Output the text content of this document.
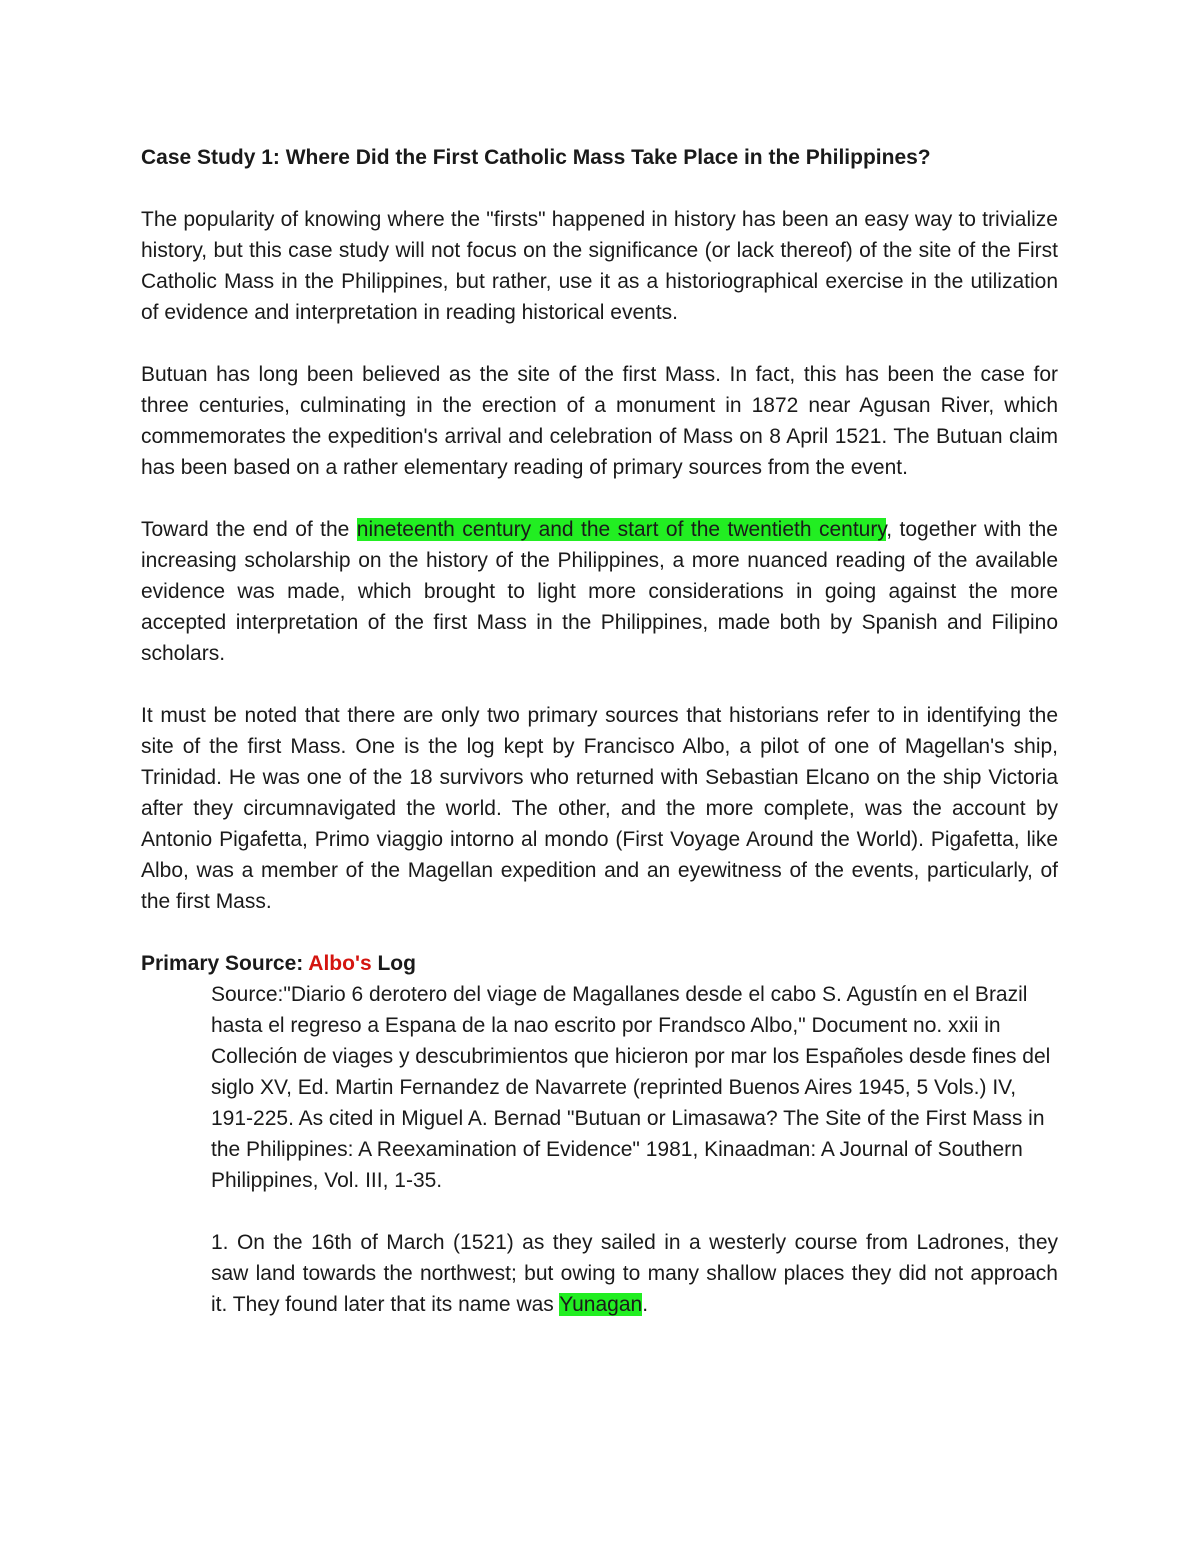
Case Study 1: Where Did the First Catholic Mass Take Place in the Philippines?

The popularity of knowing where the "firsts" happened in history has been an easy way to trivialize history, but this case study will not focus on the significance (or lack thereof) of the site of the First Catholic Mass in the Philippines, but rather, use it as a historiographical exercise in the utilization of evidence and interpretation in reading historical events.

Butuan has long been believed as the site of the first Mass. In fact, this has been the case for three centuries, culminating in the erection of a monument in 1872 near Agusan River, which commemorates the expedition's arrival and celebration of Mass on 8 April 1521. The Butuan claim has been based on a rather elementary reading of primary sources from the event.

Toward the end of the nineteenth century and the start of the twentieth century, together with the increasing scholarship on the history of the Philippines, a more nuanced reading of the available evidence was made, which brought to light more considerations in going against the more accepted interpretation of the first Mass in the Philippines, made both by Spanish and Filipino scholars.

It must be noted that there are only two primary sources that historians refer to in identifying the site of the first Mass. One is the log kept by Francisco Albo, a pilot of one of Magellan's ship, Trinidad. He was one of the 18 survivors who returned with Sebastian Elcano on the ship Victoria after they circumnavigated the world. The other, and the more complete, was the account by Antonio Pigafetta, Primo viaggio intorno al mondo (First Voyage Around the World). Pigafetta, like Albo, was a member of the Magellan expedition and an eyewitness of the events, particularly, of the first Mass.

Primary Source: Albo's Log

Source:"Diario 6 derotero del viage de Magallanes desde el cabo S. Agustín en el Brazil hasta el regreso a Espana de la nao escrito por Frandsco Albo," Document no. xxii in Colleción de viages y descubrimientos que hicieron por mar los Españoles desde fines del siglo XV, Ed. Martin Fernandez de Navarrete (reprinted Buenos Aires 1945, 5 Vols.) IV, 191-225. As cited in Miguel A. Bernad "Butuan or Limasawa? The Site of the First Mass in the Philippines: A Reexamination of Evidence" 1981, Kinaadman: A Journal of Southern Philippines, Vol. III, 1-35.

1. On the 16th of March (1521) as they sailed in a westerly course from Ladrones, they saw land towards the northwest; but owing to many shallow places they did not approach it. They found later that its name was Yunagan.
